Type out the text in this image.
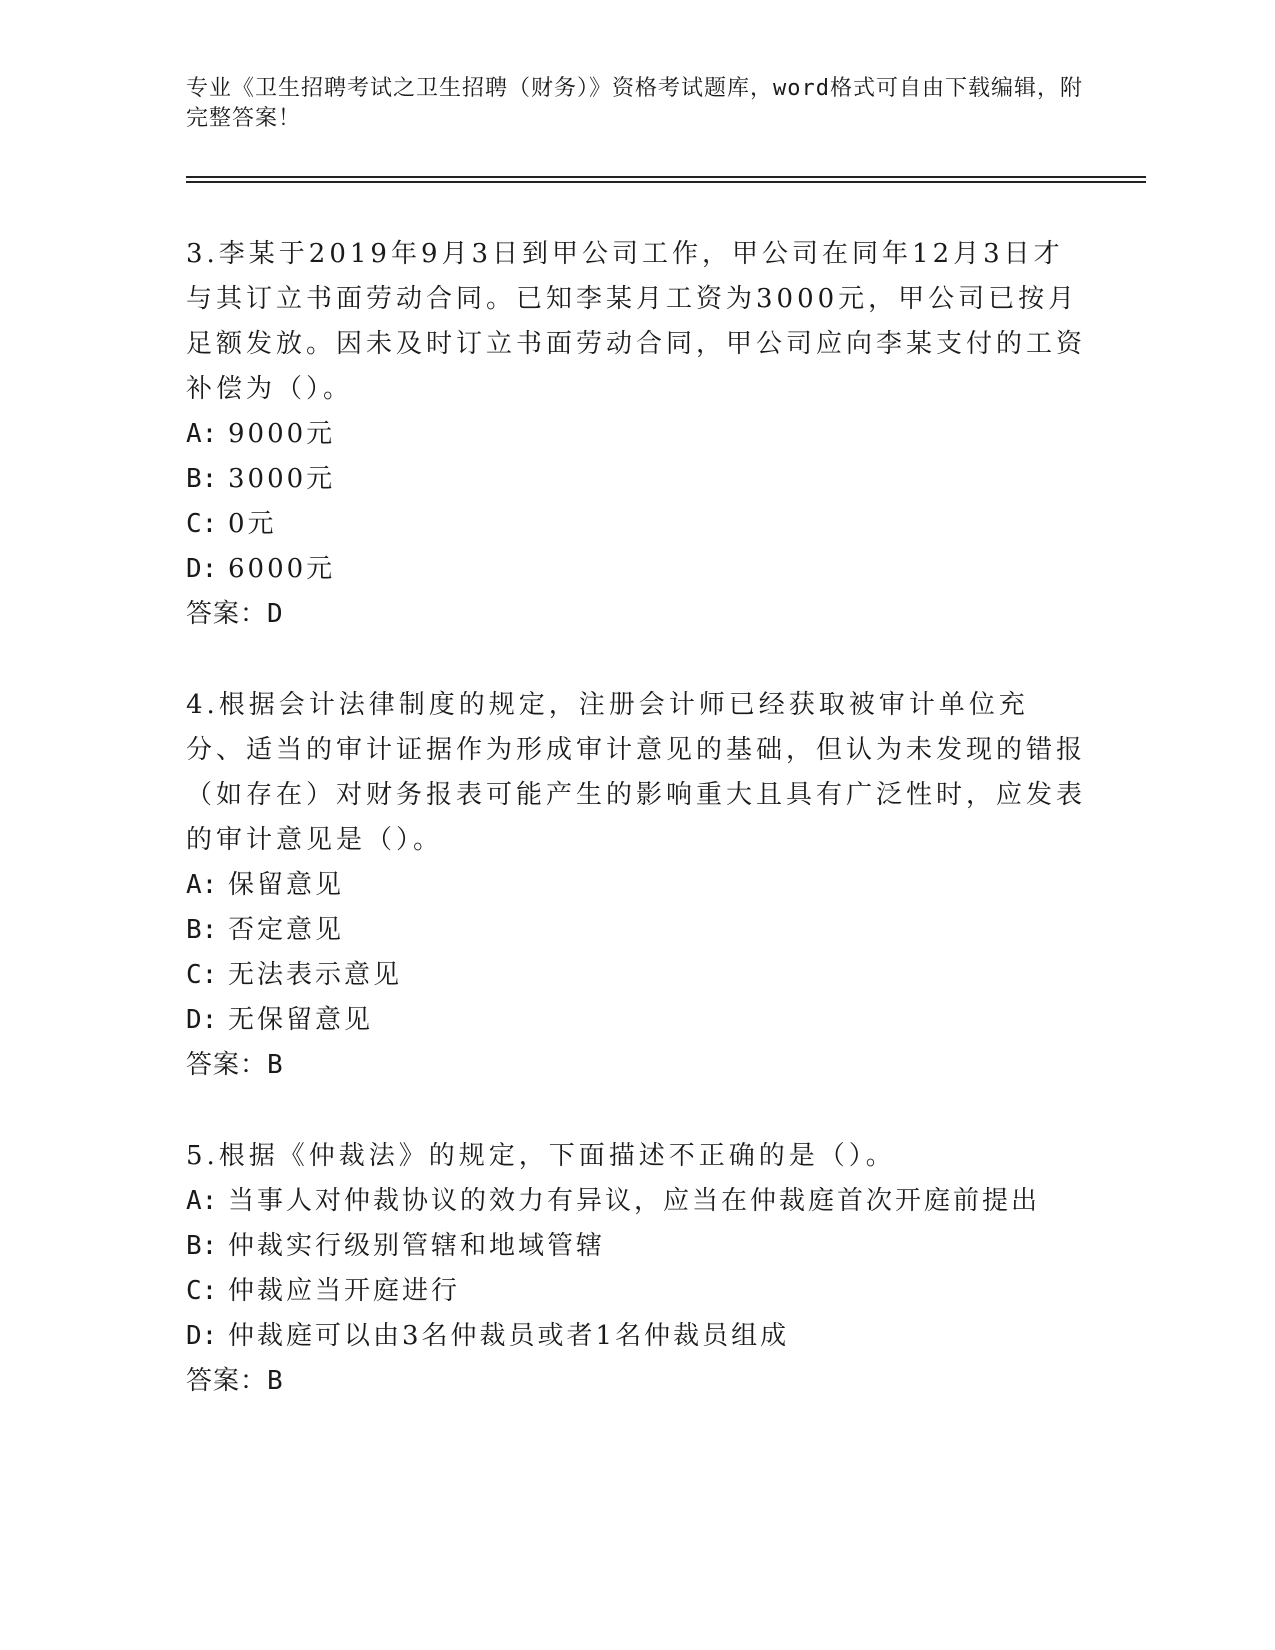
专业《卫生招聘考试之卫生招聘（财务）》资格考试题库，word格式可自由下载编辑，附完整答案！

3.李某于2019年9月3日到甲公司工作，甲公司在同年12月3日才与其订立书面劳动合同。已知李某月工资为3000元，甲公司已按月足额发放。因未及时订立书面劳动合同，甲公司应向李某支付的工资补偿为（）。

A: 9000元

B: 3000元

C: 0元

D: 6000元

答案：D

4.根据会计法律制度的规定，注册会计师已经获取被审计单位充分、适当的审计证据作为形成审计意见的基础，但认为未发现的错报（如存在）对财务报表可能产生的影响重大且具有广泛性时，应发表的审计意见是（）。

A: 保留意见

B: 否定意见

C: 无法表示意见

D: 无保留意见

答案：B

5.根据《仲裁法》的规定，下面描述不正确的是（）。

A: 当事人对仲裁协议的效力有异议，应当在仲裁庭首次开庭前提出

B: 仲裁实行级别管辖和地域管辖

C: 仲裁应当开庭进行

D: 仲裁庭可以由3名仲裁员或者1名仲裁员组成

答案：B
